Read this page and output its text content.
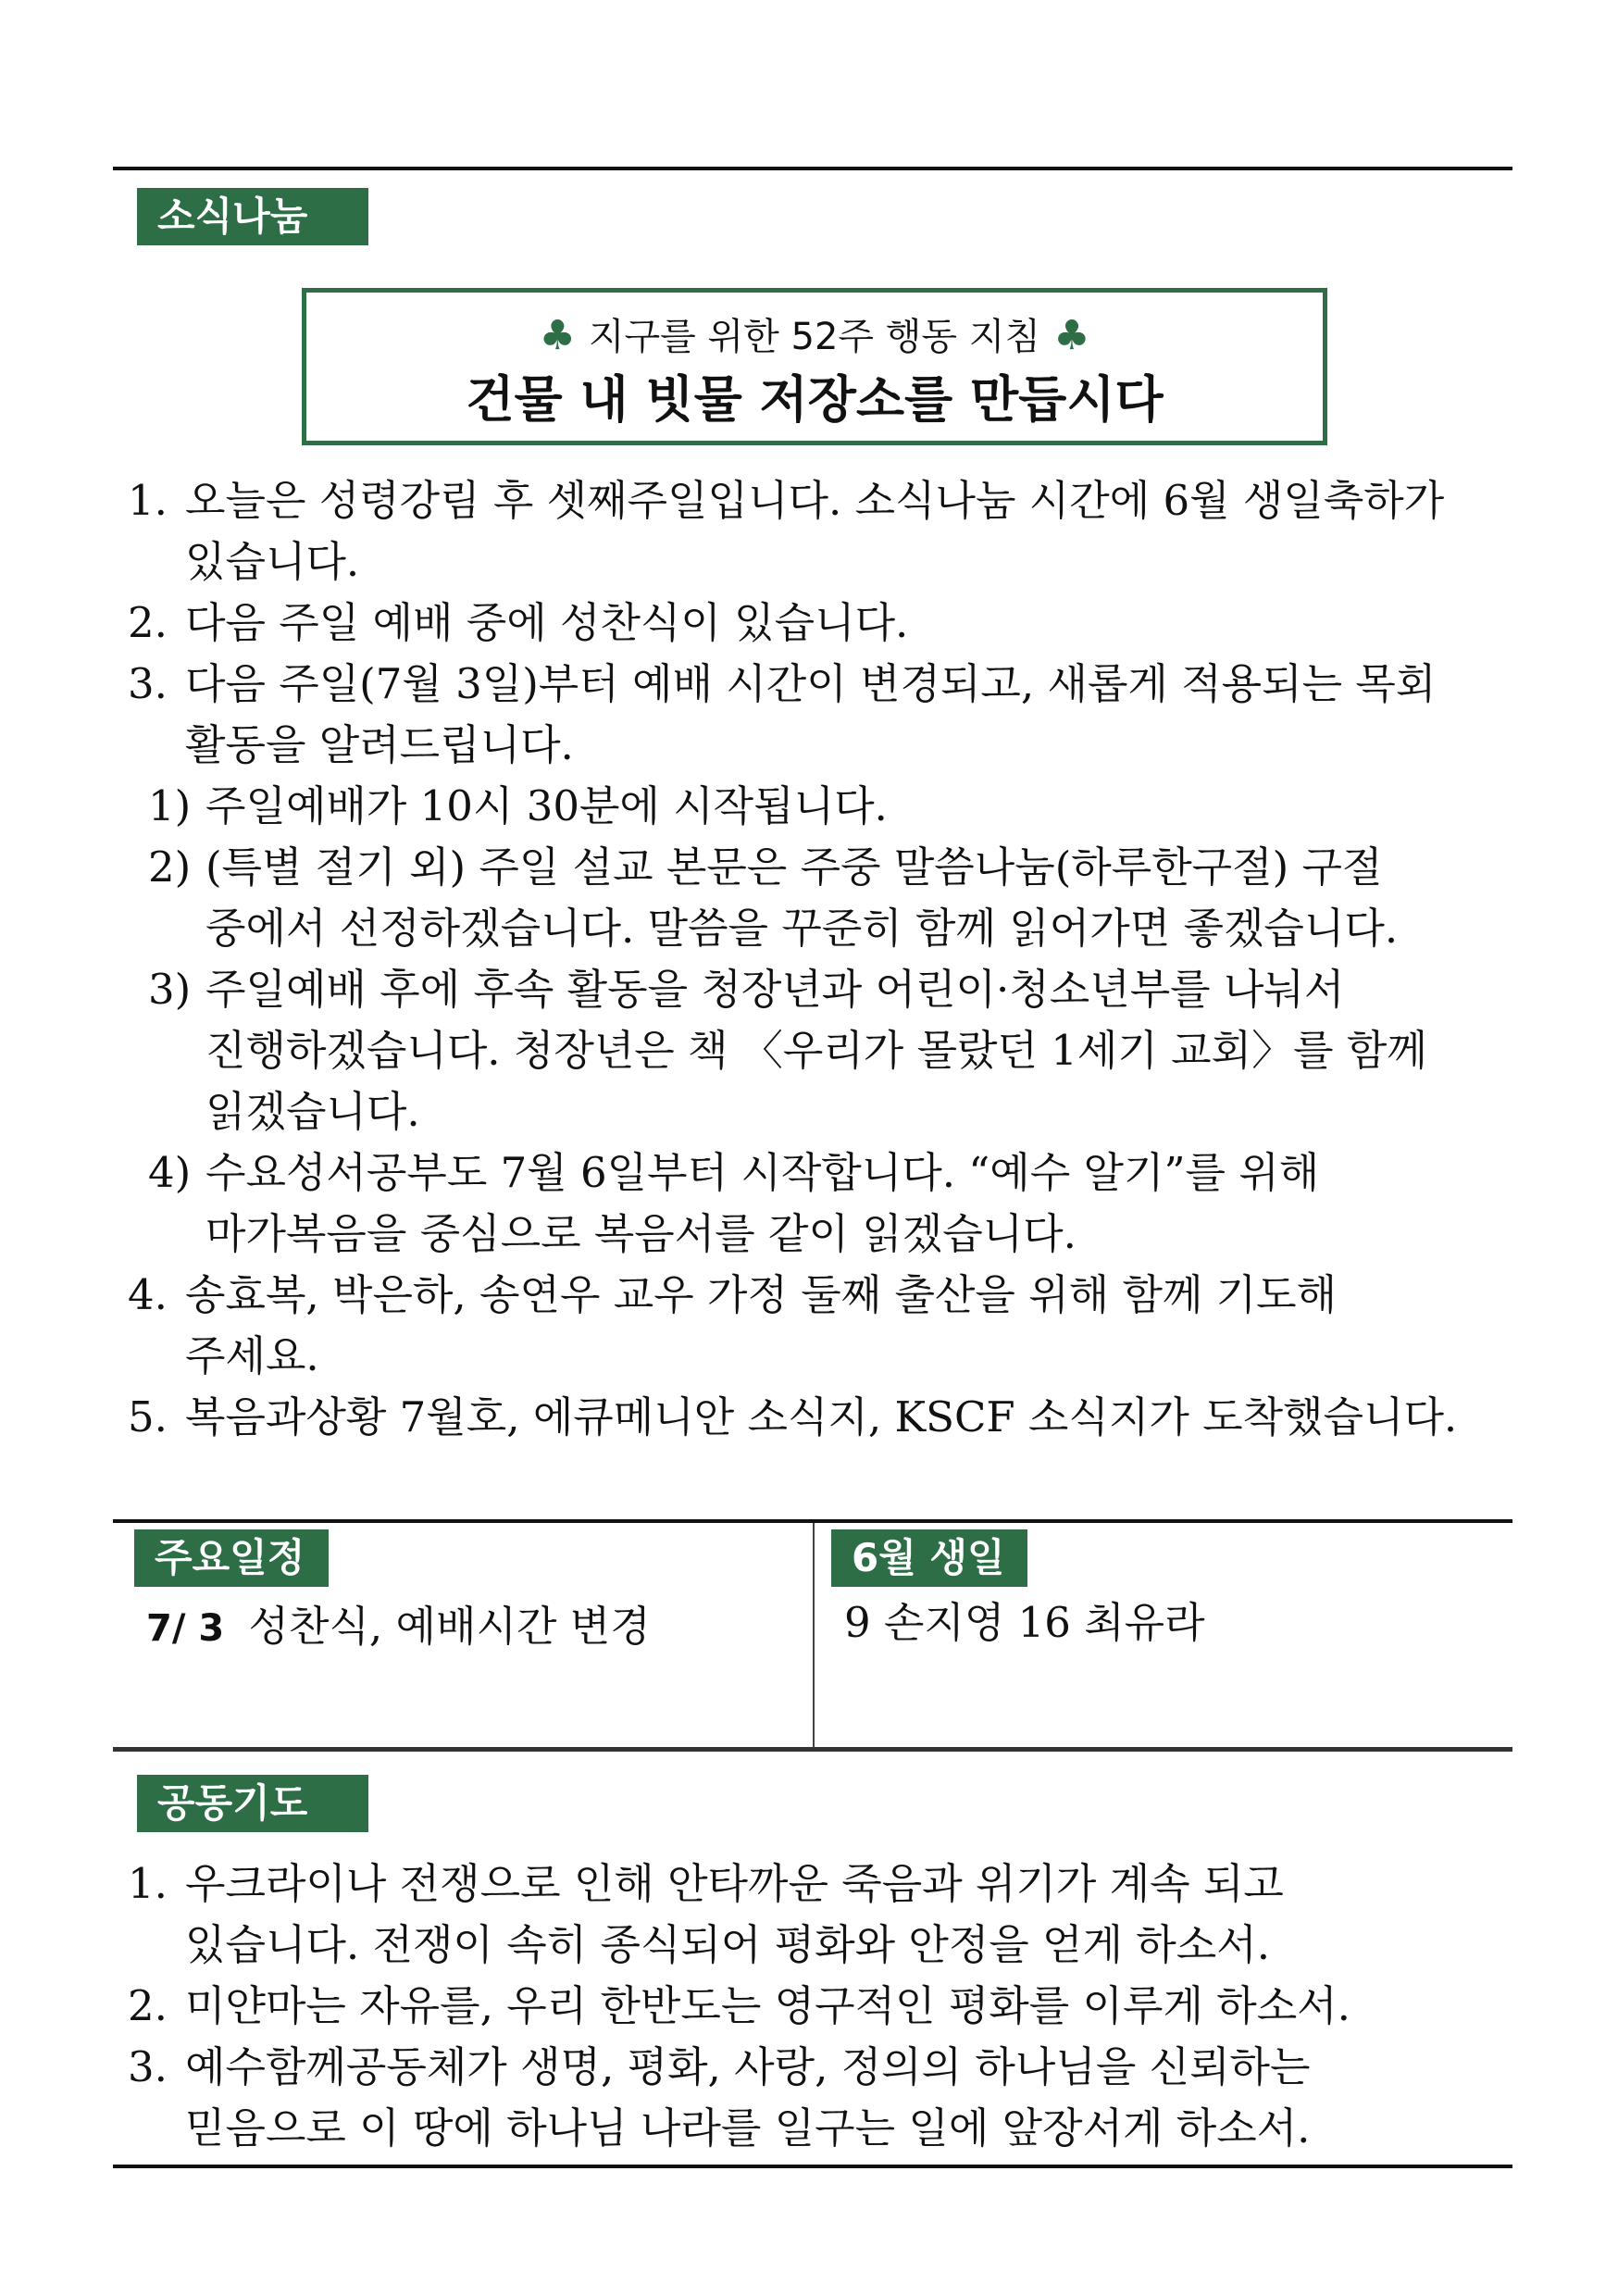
소식나눔
♣ 지구를 위한 52주 행동 지침 ♣
건물 내 빗물 저장소를 만듭시다
1. 오늘은 성령강림 후 셋째주일입니다. 소식나눔 시간에 6월 생일축하가
있습니다.
2. 다음 주일 예배 중에 성찬식이 있습니다.
3. 다음 주일(7월 3일)부터 예배 시간이 변경되고, 새롭게 적용되는 목회
활동을 알려드립니다.
1) 주일예배가 10시 30분에 시작됩니다.
2) (특별 절기 외) 주일 설교 본문은 주중 말씀나눔(하루한구절) 구절
중에서 선정하겠습니다. 말씀을 꾸준히 함께 읽어가면 좋겠습니다.
3) 주일예배 후에 후속 활동을 청장년과 어린이·청소년부를 나눠서
진행하겠습니다. 청장년은 책 〈우리가 몰랐던 1세기 교회〉를 함께
읽겠습니다.
4) 수요성서공부도 7월 6일부터 시작합니다. “예수 알기”를 위해
마가복음을 중심으로 복음서를 같이 읽겠습니다.
4. 송효복, 박은하, 송연우 교우 가정 둘째 출산을 위해 함께 기도해
주세요.
5. 복음과상황 7월호, 에큐메니안 소식지, KSCF 소식지가 도착했습니다.
주요일정
7/ 3 성찬식, 예배시간 변경
6월 생일
9 손지영 16 최유라
공동기도
1. 우크라이나 전쟁으로 인해 안타까운 죽음과 위기가 계속 되고
있습니다. 전쟁이 속히 종식되어 평화와 안정을 얻게 하소서.
2. 미얀마는 자유를, 우리 한반도는 영구적인 평화를 이루게 하소서.
3. 예수함께공동체가 생명, 평화, 사랑, 정의의 하나님을 신뢰하는
믿음으로 이 땅에 하나님 나라를 일구는 일에 앞장서게 하소서.
